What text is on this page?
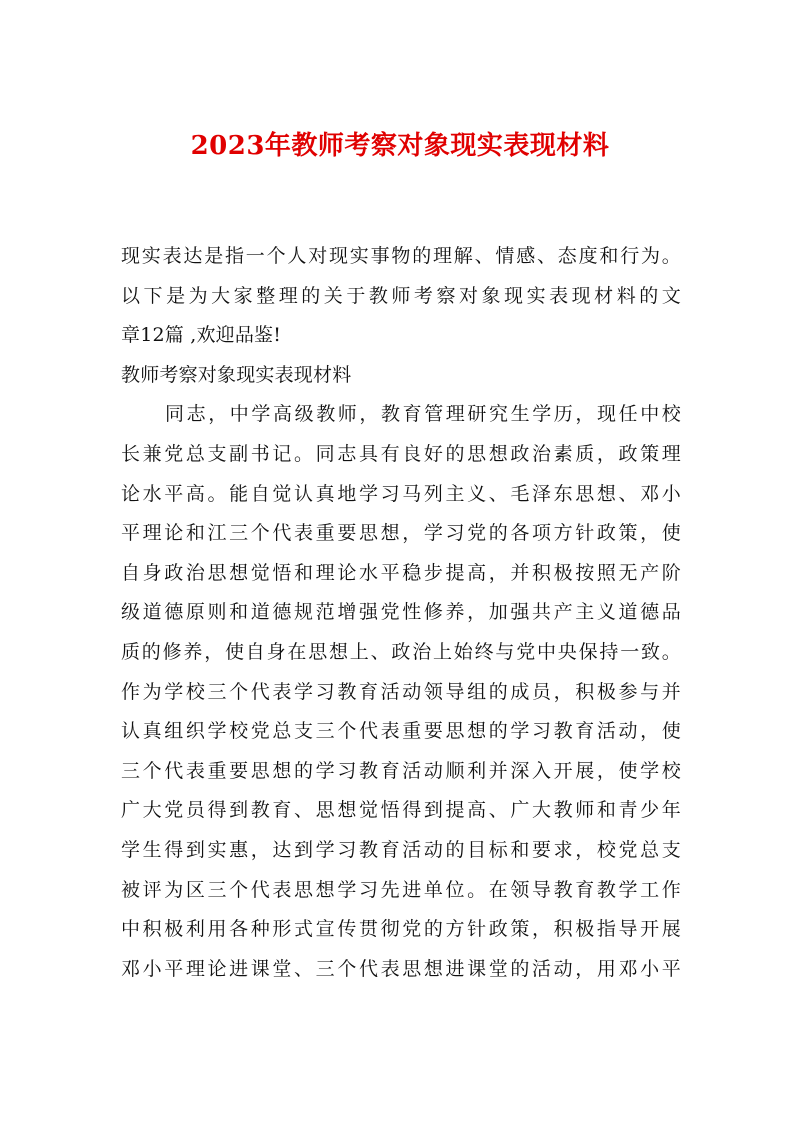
2023年教师考察对象现实表现材料
现实表达是指一个人对现实事物的理解、情感、态度和行为。
以下是为大家整理的关于教师考察对象现实表现材料的文
章12篇 ,欢迎品鉴!
教师考察对象现实表现材料
同志，中学高级教师，教育管理研究生学历，现任中校
长兼党总支副书记。同志具有良好的思想政治素质，政策理
论水平高。能自觉认真地学习马列主义、毛泽东思想、邓小
平理论和江三个代表重要思想，学习党的各项方针政策，使
自身政治思想觉悟和理论水平稳步提高，并积极按照无产阶
级道德原则和道德规范增强党性修养，加强共产主义道德品
质的修养，使自身在思想上、政治上始终与党中央保持一致。
作为学校三个代表学习教育活动领导组的成员，积极参与并
认真组织学校党总支三个代表重要思想的学习教育活动，使
三个代表重要思想的学习教育活动顺利并深入开展，使学校
广大党员得到教育、思想觉悟得到提高、广大教师和青少年
学生得到实惠，达到学习教育活动的目标和要求，校党总支
被评为区三个代表思想学习先进单位。在领导教育教学工作
中积极利用各种形式宣传贯彻党的方针政策，积极指导开展
邓小平理论进课堂、三个代表思想进课堂的活动，用邓小平
